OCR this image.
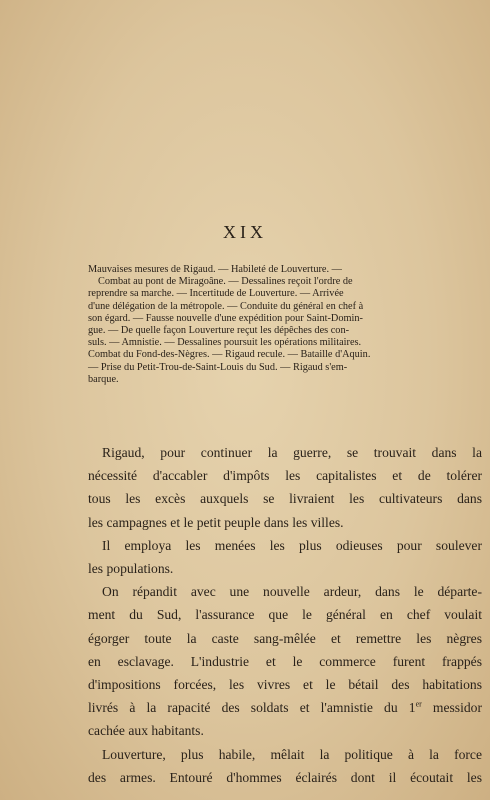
XIX
Mauvaises mesures de Rigaud. — Habileté de Louverture. —
Combat au pont de Miragoâne. — Dessalines reçoit l'ordre de
reprendre sa marche. — Incertitude de Louverture. — Arrivée
d'une délégation de la métropole. — Conduite du général en chef à
son égard. — Fausse nouvelle d'une expédition pour Saint-Domin-
gue. — De quelle façon Louverture reçut les dépêches des con-
suls. — Amnistie. — Dessalines poursuit les opérations militaires.
Combat du Fond-des-Nègres. — Rigaud recule. — Bataille d'Aquin.
— Prise du Petit-Trou-de-Saint-Louis du Sud. — Rigaud s'em-
barque.
Rigaud, pour continuer la guerre, se trouvait dans la
nécessité d'accabler d'impôts les capitalistes et de tolérer
tous les excès auxquels se livraient les cultivateurs dans
les campagnes et le petit peuple dans les villes.
Il employa les menées les plus odieuses pour soulever
les populations.
On répandit avec une nouvelle ardeur, dans le départe-
ment du Sud, l'assurance que le général en chef voulait
égorger toute la caste sang-mêlée et remettre les nègres
en esclavage. L'industrie et le commerce furent frappés
d'impositions forcées, les vivres et le bétail des habitations
livrés à la rapacité des soldats et l'amnistie du 1er messidor
cachée aux habitants.
Louverture, plus habile, mêlait la politique à la force
des armes. Entouré d'hommes éclairés dont il écoutait les
